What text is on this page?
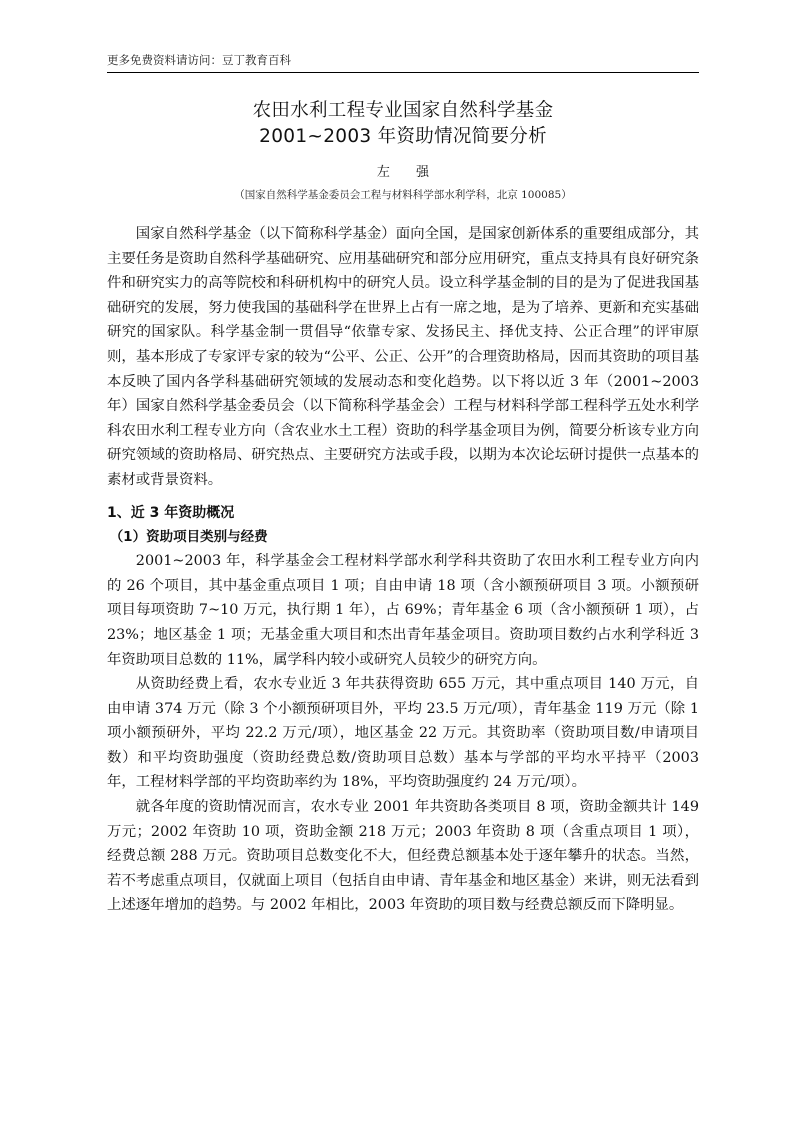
更多免费资料请访问：豆丁教育百科
农田水利工程专业国家自然科学基金
2001~2003 年资助情况简要分析
左 强
（国家自然科学基金委员会工程与材料科学部水利学科，北京 100085）

国家自然科学基金（以下简称科学基金）面向全国，是国家创新体系的重要组成部分，其主要任务是资助自然科学基础研究、应用基础研究和部分应用研究，重点支持具有良好研究条件和研究实力的高等院校和科研机构中的研究人员。设立科学基金制的目的是为了促进我国基础研究的发展，努力使我国的基础科学在世界上占有一席之地，是为了培养、更新和充实基础研究的国家队。科学基金制一贯倡导“依靠专家、发扬民主、择优支持、公正合理”的评审原则，基本形成了专家评专家的较为“公平、公正、公开”的合理资助格局，因而其资助的项目基本反映了国内各学科基础研究领域的发展动态和变化趋势。以下将以近 3 年（2001~2003 年）国家自然科学基金委员会（以下简称科学基金会）工程与材料科学部工程科学五处水利学科农田水利工程专业方向（含农业水土工程）资助的科学基金项目为例，简要分析该专业方向研究领域的资助格局、研究热点、主要研究方法或手段，以期为本次论坛研讨提供一点基本的素材或背景资料。

1、近 3 年资助概况

（1）资助项目类别与经费

2001~2003 年，科学基金会工程材料学部水利学科共资助了农田水利工程专业方向内的 26 个项目，其中基金重点项目 1 项；自由申请 18 项（含小额预研项目 3 项。小额预研项目每项资助 7~10 万元，执行期 1 年），占 69%；青年基金 6 项（含小额预研 1 项），占 23%；地区基金 1 项；无基金重大项目和杰出青年基金项目。资助项目数约占水利学科近 3 年资助项目总数的 11%，属学科内较小或研究人员较少的研究方向。

从资助经费上看，农水专业近 3 年共获得资助 655 万元，其中重点项目 140 万元，自由申请 374 万元（除 3 个小额预研项目外，平均 23.5 万元/项），青年基金 119 万元（除 1 项小额预研外，平均 22.2 万元/项），地区基金 22 万元。其资助率（资助项目数/申请项目数）和平均资助强度（资助经费总数/资助项目总数）基本与学部的平均水平持平（2003 年，工程材料学部的平均资助率约为 18%，平均资助强度约 24 万元/项）。

就各年度的资助情况而言，农水专业 2001 年共资助各类项目 8 项，资助金额共计 149 万元；2002 年资助 10 项，资助金额 218 万元；2003 年资助 8 项（含重点项目 1 项），经费总额 288 万元。资助项目总数变化不大，但经费总额基本处于逐年攀升的状态。当然，若不考虑重点项目，仅就面上项目（包括自由申请、青年基金和地区基金）来讲，则无法看到上述逐年增加的趋势。与 2002 年相比，2003 年资助的项目数与经费总额反而下降明显。
